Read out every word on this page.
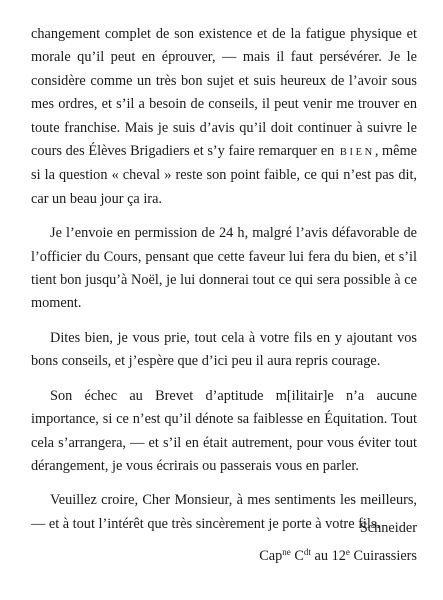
changement complet de son existence et de la fatigue physique et morale qu’il peut en éprouver, — mais il faut persévérer. Je le considère comme un très bon sujet et suis heureux de l’avoir sous mes ordres, et s’il a besoin de conseils, il peut venir me trouver en toute franchise. Mais je suis d’avis qu’il doit continuer à suivre le cours des Élèves Brigadiers et s’y faire remarquer en BIEN, même si la question « cheval » reste son point faible, ce qui n’est pas dit, car un beau jour ça ira.

Je l’envoie en permission de 24 h, malgré l’avis défavorable de l’officier du Cours, pensant que cette faveur lui fera du bien, et s’il tient bon jusqu’à Noël, je lui donnerai tout ce qui sera possible à ce moment.

Dites bien, je vous prie, tout cela à votre fils en y ajoutant vos bons conseils, et j’espère que d’ici peu il aura repris courage.

Son échec au Brevet d’aptitude m[ilitair]e n’a aucune importance, si ce n’est qu’il dénote sa faiblesse en Équitation. Tout cela s’arrangera, — et s’il en était autrement, pour vous éviter tout dérangement, je vous écrirais ou passerais vous en parler.

Veuillez croire, Cher Monsieur, à mes sentiments les meilleurs, — et à tout l’intérêt que très sincèrement je porte à votre fils.

Schneider
Cap$^{ne}$ $C^{dt}$ au 12e Cuirassiers
